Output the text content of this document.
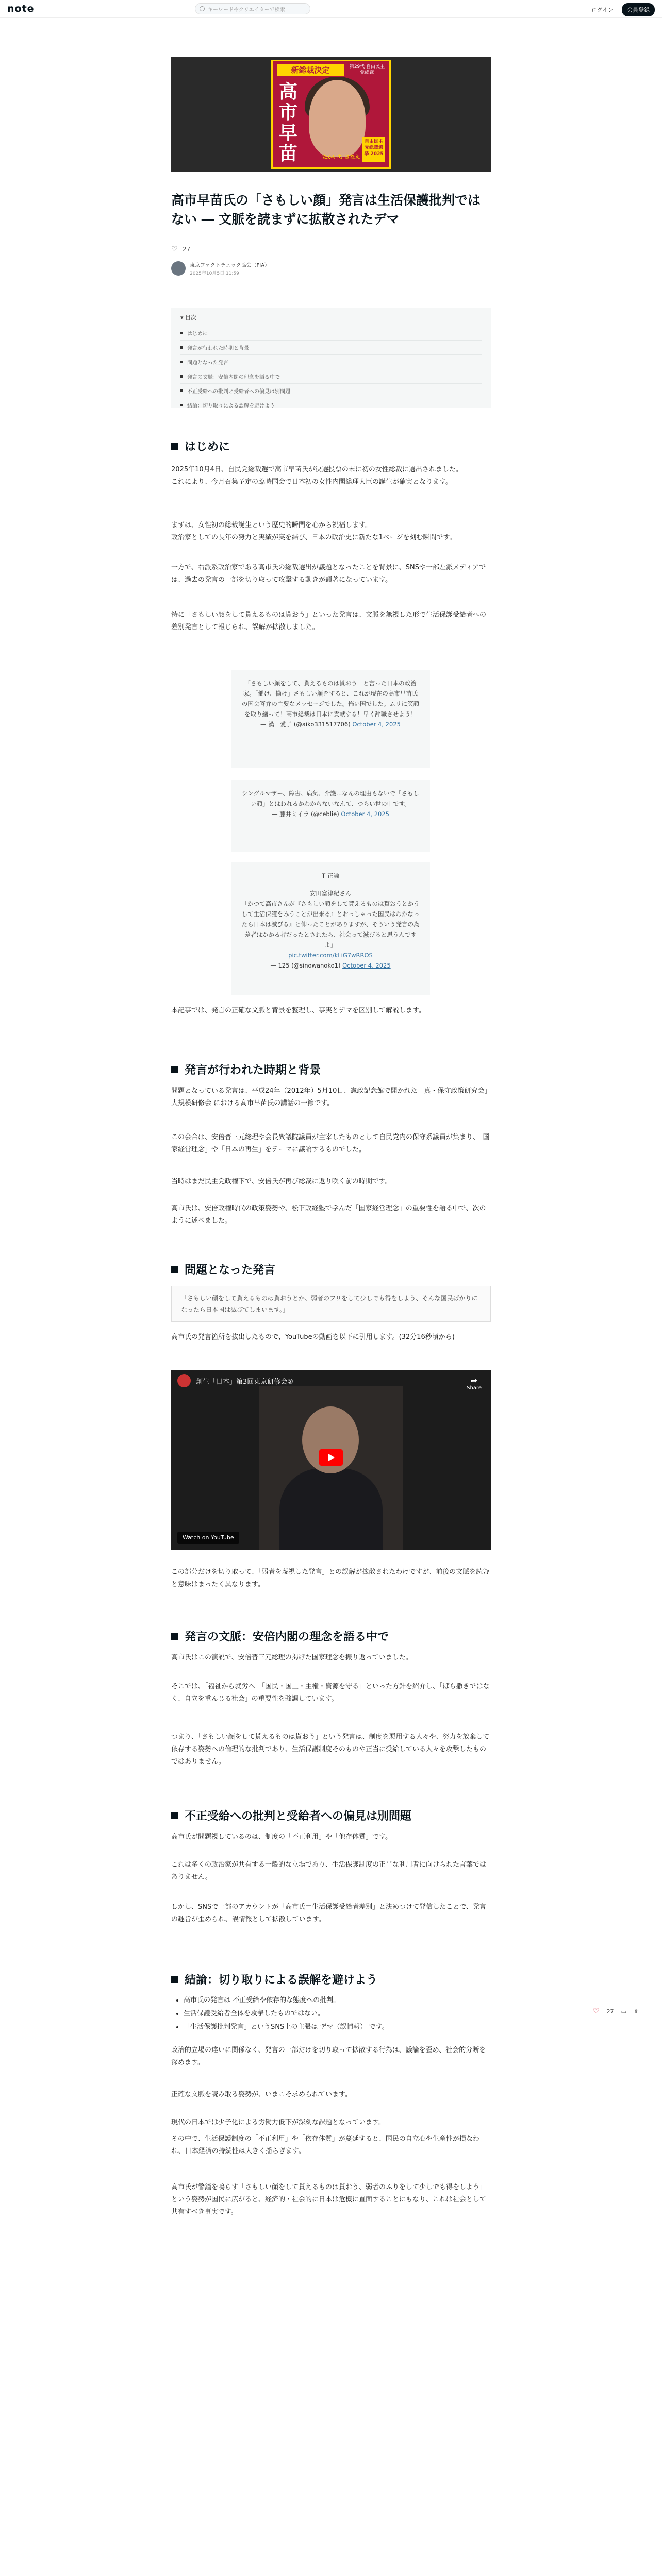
note	キーワードやクリエイターで検索	ログイン	会員登録
新総裁決定	第29代 自由民主党総裁
高市早苗	たかいち さなえ
自由民主党総裁選挙 2025
高市早苗氏の「さもしい顔」発言は生活保護批判ではない ― 文脈を読まずに拡散されたデマ
♡ 27
東京ファクトチェック協会（FIA）
2025年10月5日 11:59
▾ 目次
はじめに
発言が行われた時期と背景
問題となった発言
発言の文脈：安倍内閣の理念を語る中で
不正受給への批判と受給者への偏見は別問題
結論：切り取りによる誤解を避けよう
はじめに
2025年10月4日、自民党総裁選で高市早苗氏が決選投票の末に初の女性総裁に選出されました。
これにより、今月召集予定の臨時国会で日本初の女性内閣総理大臣の誕生が確実となります。
まずは、女性初の総裁誕生という歴史的瞬間を心から祝福します。
政治家としての長年の努力と実績が実を結び、日本の政治史に新たな1ページを刻む瞬間です。
一方で、右派系政治家である高市氏の総裁選出が議題となったことを背景に、SNSや一部左派メディアでは、過去の発言の一部を切り取って攻撃する動きが顕著になっています。
特に「さもしい顔をして貰えるものは貰おう」といった発言は、文脈を無視した形で生活保護受給者への差別発言として報じられ、誤解が拡散しました。
「さもしい顔をして、貰えるものは貰おう」と言った日本の政治家。「働け、働け」さもしい顔をすると、これが現在の高市早苗氏の国会答弁の主要なメッセージでした。怖い国でした。ムリに笑顔を取り繕って！高市総裁は日本に貢献する！早く辞職させよう！
— 漢田愛子 (@aiko331517706) October 4, 2025
シングルマザー、障害、病気、介護…なんの理由もないで「さもしい顔」とはわれるかわからないなんて、つらい世の中です。
— 藤井ミイラ (@ceblie) October 4, 2025
T 正論
安田富津紀さん
「かつて高市さんが『さもしい顔をして貰えるものは貰おうとかうして生活保護をみうことが出来る』とおっしゃった国民はわかなったら日本は滅びる』と仰ったことがありますが、そういう発言の為差者はかかる者だったとされたら、社会って滅びると思うんですよ」
pic.twitter.com/kLiG7wRROS
— 125 (@sinowanoko1) October 4, 2025
本記事では、発言の正確な文脈と背景を整理し、事実とデマを区別して解説します。
発言が行われた時期と背景
問題となっている発言は、平成24年（2012年）5月10日、憲政記念館で開かれた「真・保守政策研究会」大規模研修会 における高市早苗氏の講話の一節です。
この会合は、安倍晋三元総理や会長衆議院議員が主宰したものとして自民党内の保守系議員が集まり、「国家経営理念」や「日本の再生」をテーマに議論するものでした。
当時はまだ民主党政権下で、安倍氏が再び総裁に返り咲く前の時期です。
高市氏は、安倍政権時代の政策姿勢や、松下政経塾で学んだ「国家経営理念」の重要性を語る中で、次のように述べました。
問題となった発言
「さもしい顔をして貰えるものは貰おうとか、弱者のフリをして少しでも得をしよう、そんな国民ばかりになったら日本国は滅びてしまいます。」
高市氏の発言箇所を抜出したもので、YouTubeの動画を以下に引用します。(32分16秒頃から)
創生「日本」第3回東京研修会②	➦
Share
Watch on YouTube
この部分だけを切り取って、「弱者を蔑視した発言」との誤解が拡散されたわけですが、前後の文脈を読むと意味はまったく異なります。
発言の文脈：安倍内閣の理念を語る中で
高市氏はこの演説で、安倍晋三元総理の掲げた国家理念を振り返っていました。
そこでは、「福祉から就労へ」「国民・国土・主権・資源を守る」といった方針を紹介し、「ばら撒きではなく、自立を重んじる社会」の重要性を強調しています。
つまり、「さもしい顔をして貰えるものは貰おう」という発言は、制度を悪用する人々や、努力を放棄して依存する姿勢への倫理的な批判であり、生活保護制度そのものや正当に受給している人々を攻撃したものではありません。
不正受給への批判と受給者への偏見は別問題
高市氏が問題視しているのは、制度の「不正利用」や「他存体質」です。
これは多くの政治家が共有する一般的な立場であり、生活保護制度の正当な利用者に向けられた言葉ではありません。
しかし、SNSで一部のアカウントが「高市氏＝生活保護受給者差別」と決めつけて発信したことで、発言の趣旨が歪められ、誤情報として拡散しています。
結論：切り取りによる誤解を避けよう
• 高市氏の発言は 不正受給や依存的な態度への批判。
• 生活保護受給者全体を攻撃したものではない。
• 「生活保護批判発言」というSNS上の主張は デマ（誤情報） です。
政治的立場の違いに関係なく、発言の一部だけを切り取って拡散する行為は、議論を歪め、社会的分断を深めます。
正確な文脈を読み取る姿勢が、いまこそ求められています。
現代の日本では少子化による労働力低下が深刻な課題となっています。
その中で、生活保護制度の「不正利用」や「依存体質」が蔓延すると、国民の自立心や生産性が損なわれ、日本経済の持続性は大きく揺らぎます。
高市氏が警鐘を鳴らす「さもしい顔をして貰えるものは貰おう、弱者のふりをして少しでも得をしよう」という姿勢が国民に広がると、経済的・社会的に日本は危機に直面することにもなり、これは社会として共有すべき事実です。
♡ 27 ▭ ⇪
